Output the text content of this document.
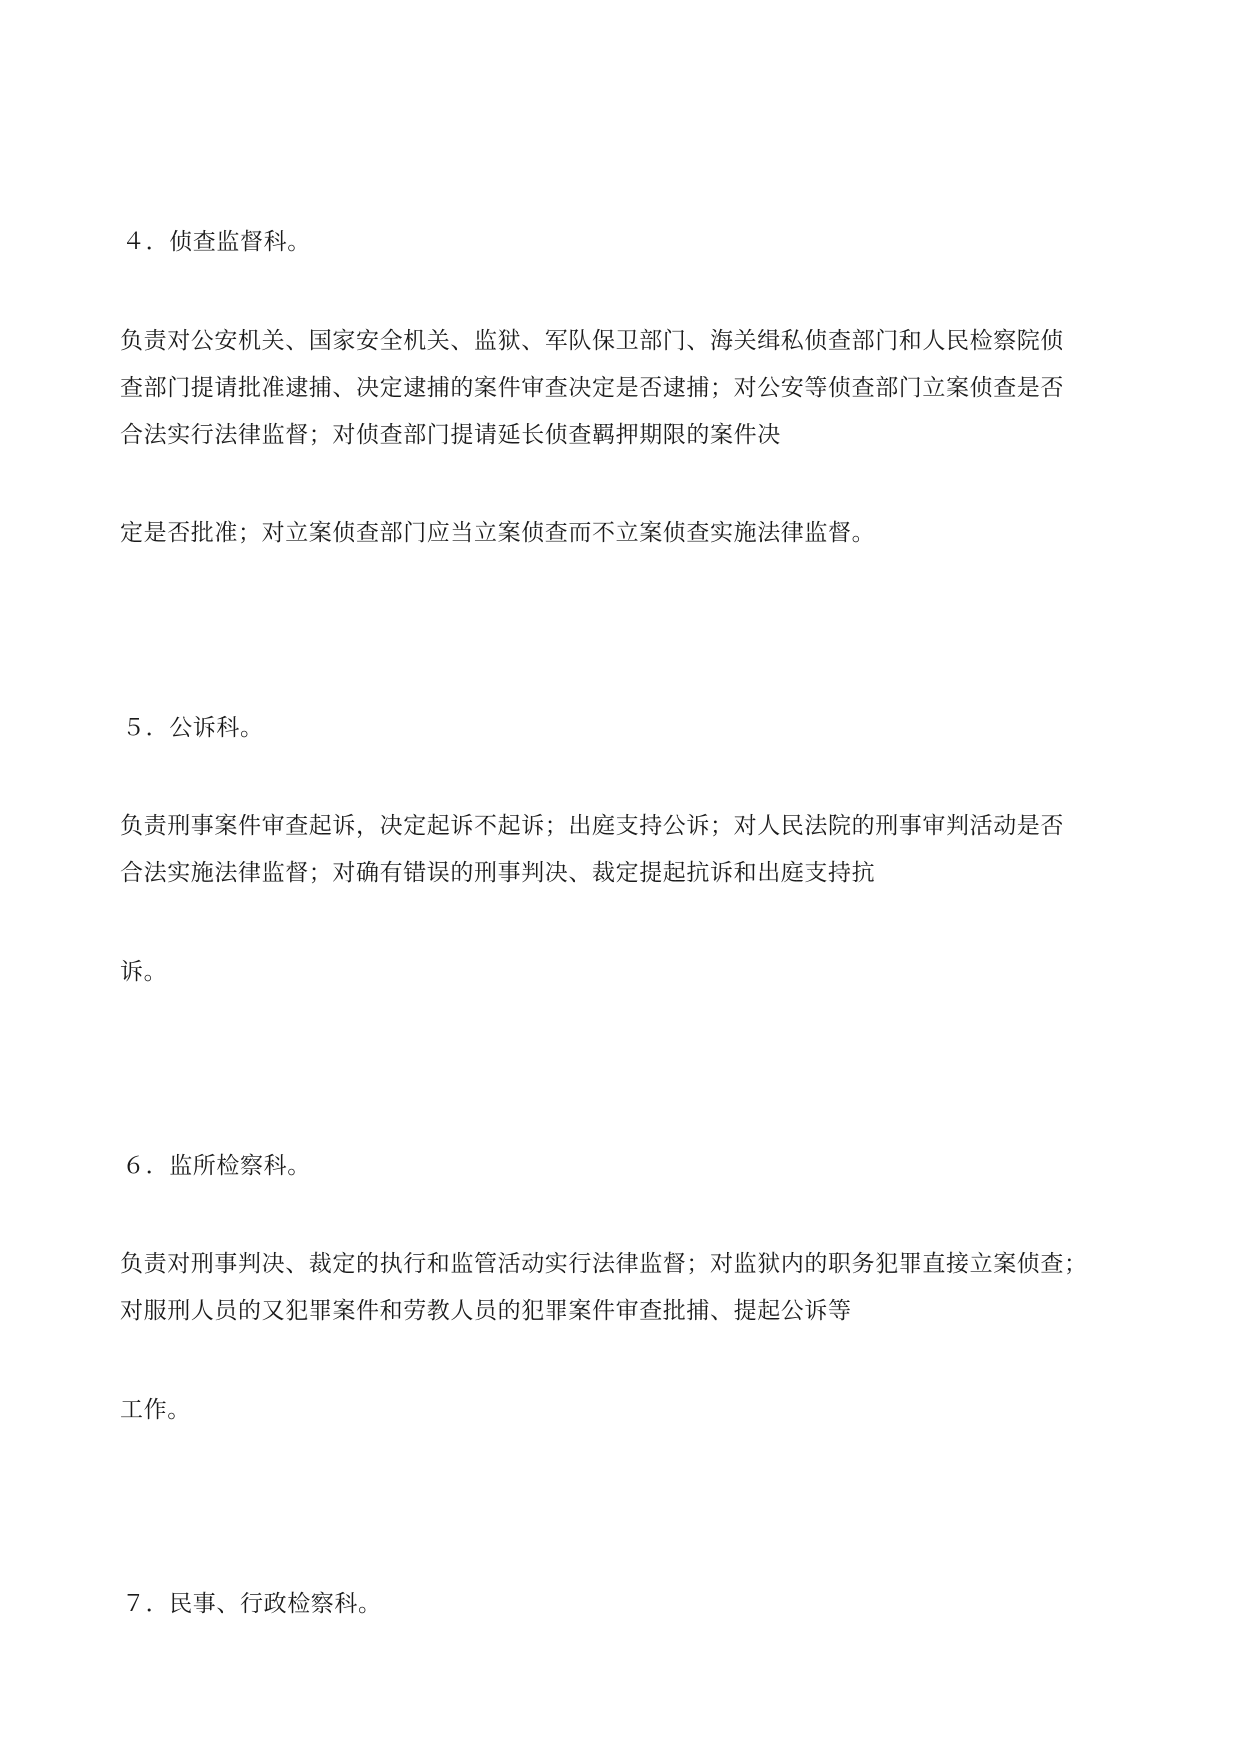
４．侦查监督科。
负责对公安机关、国家安全机关、监狱、军队保卫部门、海关缉私侦查部门和人民检察院侦
查部门提请批准逮捕、决定逮捕的案件审查决定是否逮捕；对公安等侦查部门立案侦查是否
合法实行法律监督；对侦查部门提请延长侦查羁押期限的案件决
定是否批准；对立案侦查部门应当立案侦查而不立案侦查实施法律监督。
５．公诉科。
负责刑事案件审查起诉，决定起诉不起诉；出庭支持公诉；对人民法院的刑事审判活动是否
合法实施法律监督；对确有错误的刑事判决、裁定提起抗诉和出庭支持抗
诉。
６．监所检察科。
负责对刑事判决、裁定的执行和监管活动实行法律监督；对监狱内的职务犯罪直接立案侦查；
对服刑人员的又犯罪案件和劳教人员的犯罪案件审查批捕、提起公诉等
工作。
７．民事、行政检察科。
